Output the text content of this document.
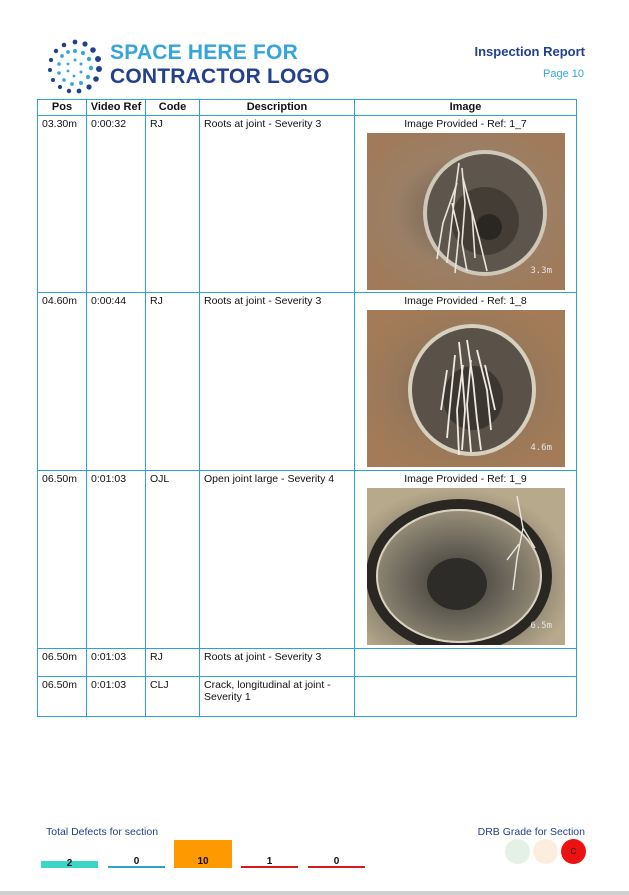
SPACE HERE FOR
CONTRACTOR LOGO
Inspection Report
Page 10
Pos	Video Ref	Code	Description	Image
03.30m	0:00:32	RJ	Roots at joint - Severity 3	Image Provided - Ref: 1_7
3.3m

04.60m	0:00:44	RJ	Roots at joint - Severity 3	Image Provided - Ref: 1_8
4.6m

06.50m	0:01:03	OJL	Open joint large - Severity 4	Image Provided - Ref: 1_9
6.5m

06.50m	0:01:03	RJ	Roots at joint - Severity 3	
06.50m	0:01:03	CLJ	Crack, longitudinal at joint - Severity 1	
Total Defects for section	DRB Grade for Section
2	0	10	1	0
C
